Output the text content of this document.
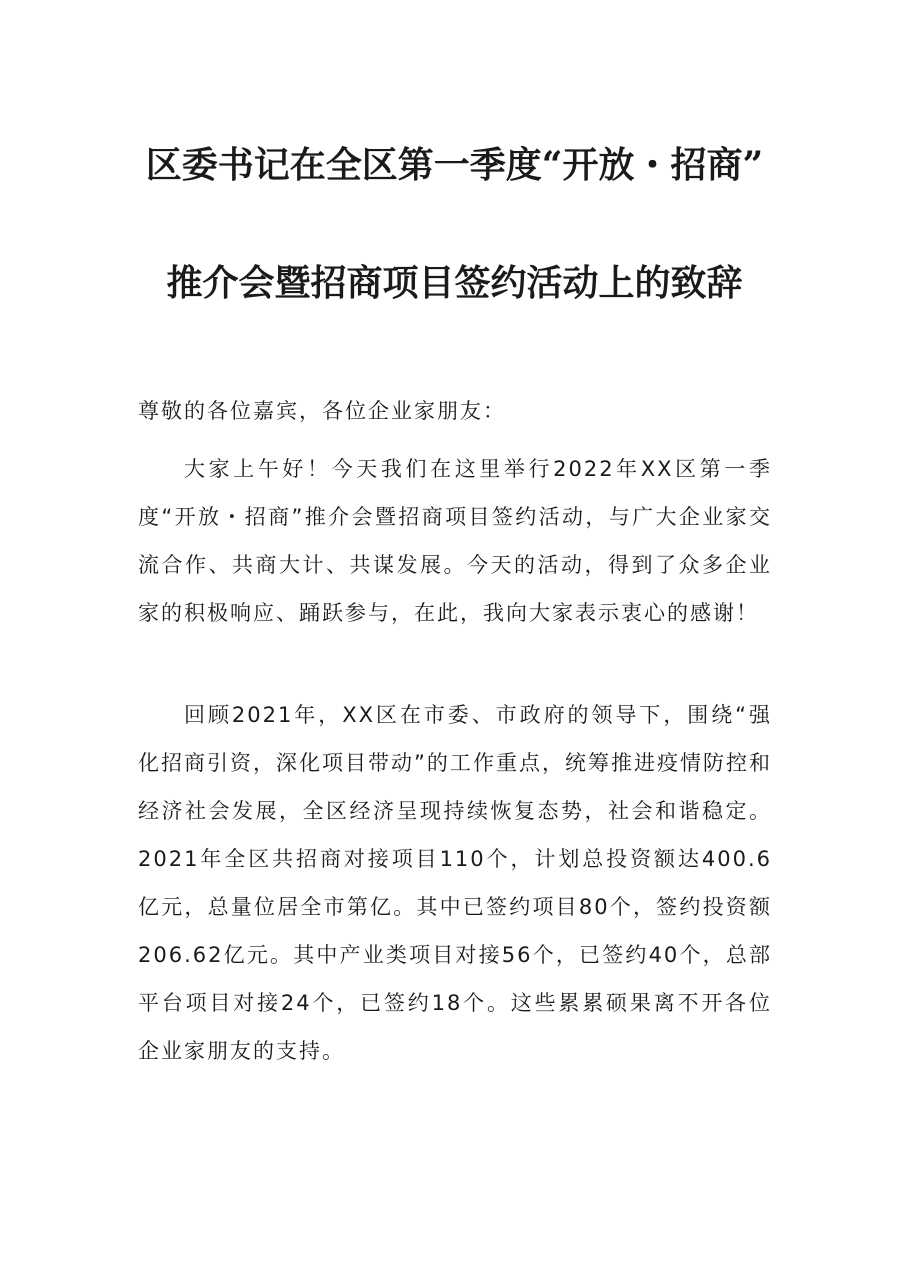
区委书记在全区第一季度“开放・招商”
推介会暨招商项目签约活动上的致辞
尊敬的各位嘉宾，各位企业家朋友：
大家上午好！今天我们在这里举行2022年XX区第一季度“开放・招商”推介会暨招商项目签约活动，与广大企业家交流合作、共商大计、共谋发展。今天的活动，得到了众多企业家的积极响应、踊跃参与，在此，我向大家表示衷心的感谢！
回顾2021年，XX区在市委、市政府的领导下，围绕“强化招商引资，深化项目带动”的工作重点，统筹推进疫情防控和经济社会发展，全区经济呈现持续恢复态势，社会和谐稳定。2021年全区共招商对接项目110个，计划总投资额达400.6亿元，总量位居全市第亿。其中已签约项目80个，签约投资额206.62亿元。其中产业类项目对接56个，已签约40个，总部平台项目对接24个，已签约18个。这些累累硕果离不开各位企业家朋友的支持。
